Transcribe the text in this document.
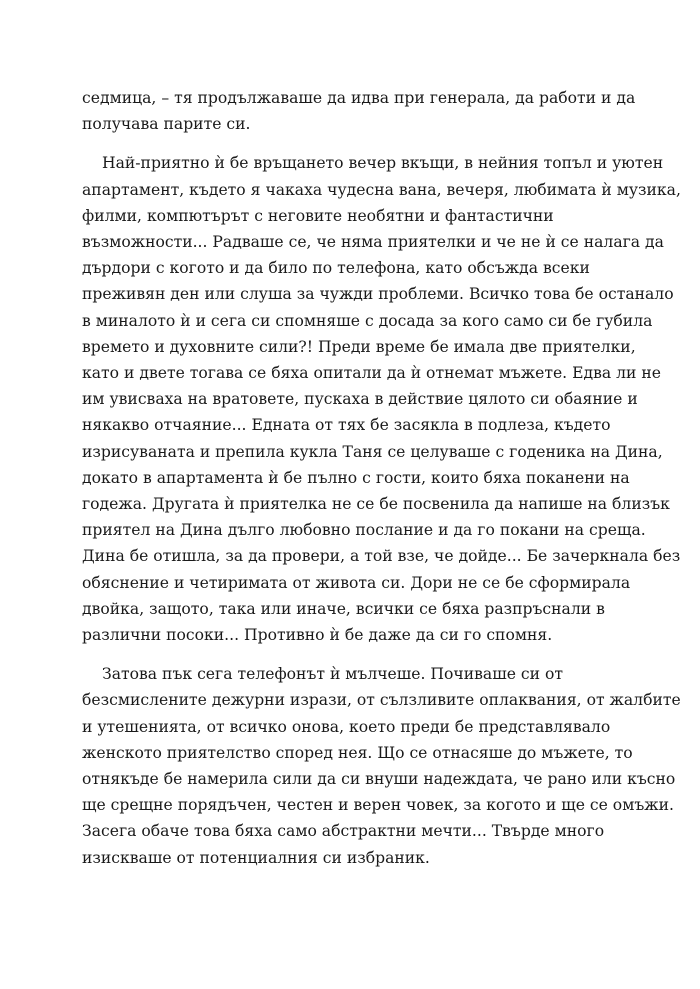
седмица, – тя продължаваше да идва при генерала, да работи и да
получава парите си.

Най-приятно ѝ бе връщането вечер вкъщи, в нейния топъл и уютен
апартамент, където я чакаха чудесна вана, вечеря, любимата ѝ музика,
филми, компютърът с неговите необятни и фантастични
възможности... Радваше се, че няма приятелки и че не ѝ се налага да
дърдори с когото и да било по телефона, като обсъжда всеки
преживян ден или слуша за чужди проблеми. Всичко това бе останало
в миналото ѝ и сега си спомняше с досада за кого само си бе губила
времето и духовните сили?! Преди време бе имала две приятелки,
като и двете тогава се бяха опитали да ѝ отнемат мъжете. Едва ли не
им увисваха на вратовете, пускаха в действие цялото си обаяние и
някакво отчаяние... Едната от тях бе засякла в подлеза, където
изрисуваната и препила кукла Таня се целуваше с годеника на Дина,
докато в апартамента ѝ бе пълно с гости, които бяха поканени на
годежа. Другата ѝ приятелка не се бе посвенила да напише на близък
приятел на Дина дълго любовно послание и да го покани на среща.
Дина бе отишла, за да провери, а той взе, че дойде... Бе зачеркнала без
обяснение и четиримата от живота си. Дори не се бе сформирала
двойка, защото, така или иначе, всички се бяха разпръснали в
различни посоки... Противно ѝ бе даже да си го спомня.

Затова пък сега телефонът ѝ мълчеше. Почиваше си от
безсмислените дежурни изрази, от сълзливите оплаквания, от жалбите
и утешенията, от всичко онова, което преди бе представлявало
женското приятелство според нея. Що се отнасяше до мъжете, то
отнякъде бе намерила сили да си внуши надеждата, че рано или късно
ще срещне порядъчен, честен и верен човек, за когото и ще се омъжи.
Засега обаче това бяха само абстрактни мечти... Твърде много
изискваше от потенциалния си избраник.
